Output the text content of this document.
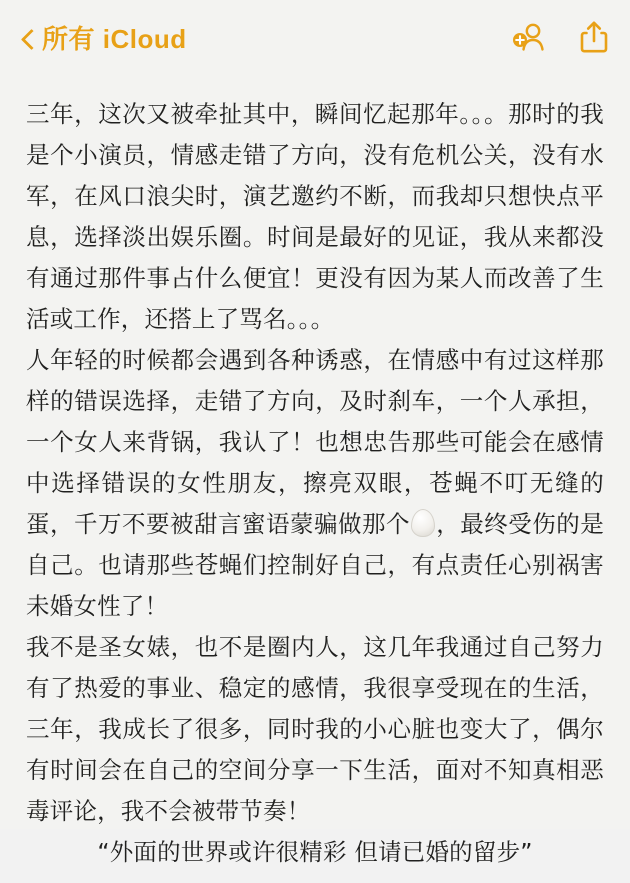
所有 iCloud

三年，这次又被牵扯其中，瞬间忆起那年。。。那时的我是个小演员，情感走错了方向，没有危机公关，没有水军，在风口浪尖时，演艺邀约不断，而我却只想快点平息，选择淡出娱乐圈。时间是最好的见证，我从来都没有通过那件事占什么便宜！更没有因为某人而改善了生活或工作，还搭上了骂名。。。

人年轻的时候都会遇到各种诱惑，在情感中有过这样那样的错误选择，走错了方向，及时刹车，一个人承担，一个女人来背锅，我认了！也想忠告那些可能会在感情中选择错误的女性朋友，擦亮双眼，苍蝇不叮无缝的蛋，千万不要被甜言蜜语蒙骗做那个 ，最终受伤的是自己。也请那些苍蝇们控制好自己，有点责任心别祸害未婚女性了！

我不是圣女婊，也不是圈内人，这几年我通过自己努力有了热爱的事业、稳定的感情，我很享受现在的生活，三年，我成长了很多，同时我的小心脏也变大了，偶尔有时间会在自己的空间分享一下生活，面对不知真相恶毒评论，我不会被带节奏！

“外面的世界或许很精彩 但请已婚的留步”
